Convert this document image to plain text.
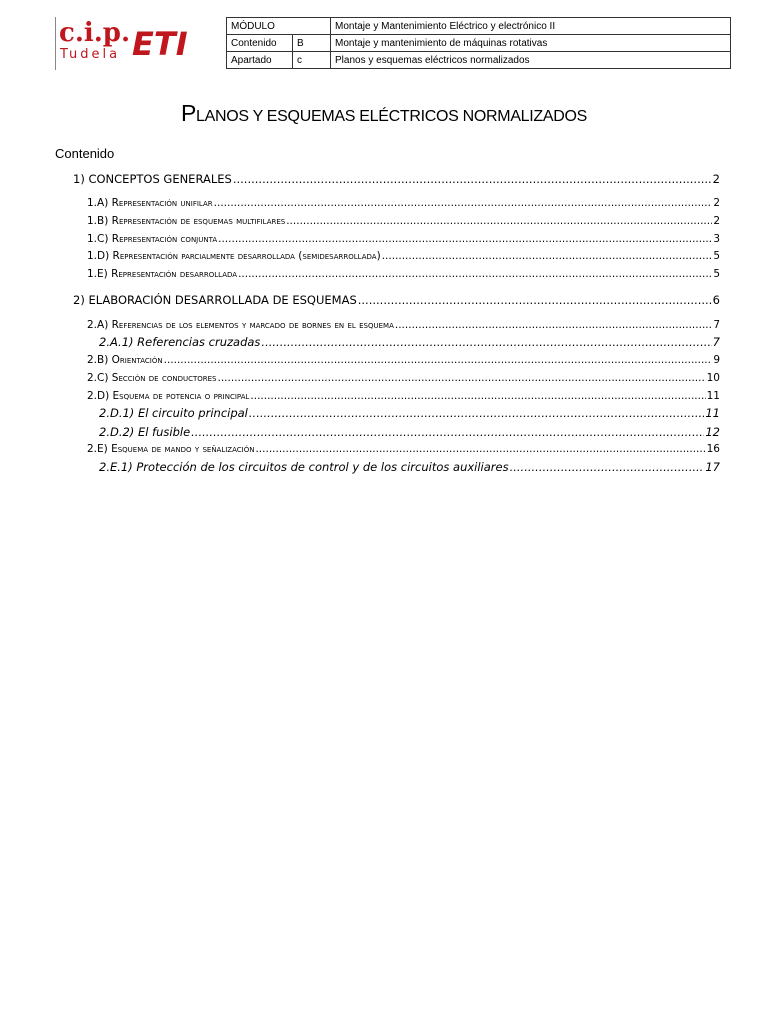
c.i.p. ETI
Tudela
MÓDULO		Montaje y Mantenimiento Eléctrico y electrónico II
Contenido	B	Montaje y mantenimiento de máquinas rotativas
Apartado	c	Planos y esquemas eléctricos normalizados
PLANOS Y ESQUEMAS ELÉCTRICOS NORMALIZADOS
Contenido
1) CONCEPTOS GENERALES .....	2
1.A) Representación unifilar .....	2
1.B) Representación de esquemas multifilares .....	2
1.C) Representación conjunta .....	3
1.D) Representación parcialmente desarrollada (semidesarrollada) .....	5
1.E) Representación desarrollada .....	5
2) ELABORACIÓN DESARROLLADA DE ESQUEMAS .....	6
2.A) Referencias de los elementos y marcado de bornes en el esquema .....	7
2.A.1) Referencias cruzadas .....	7
2.B) Orientación .....	9
2.C) Sección de conductores .....	10
2.D) Esquema de potencia o principal .....	11
2.D.1) El circuito principal .....	11
2.D.2) El fusible .....	12
2.E) Esquema de mando y señalización .....	16
2.E.1) Protección de los circuitos de control y de los circuitos auxiliares .....	17
